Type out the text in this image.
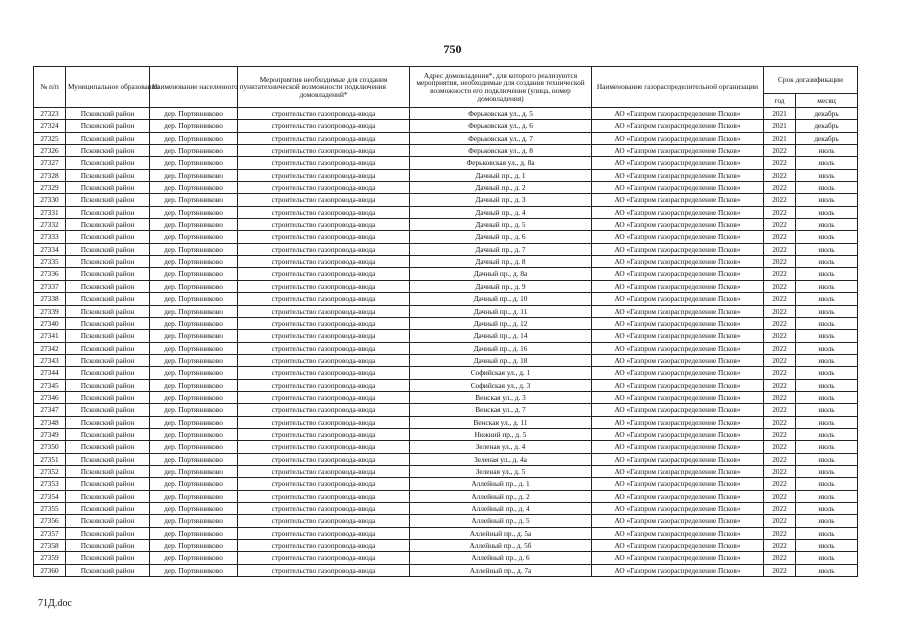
750
№ п/п	Муниципальное образование	Наименование населенного пункта	Мероприятия необходимые для создания технической возможности подключения домовладений*	Адрес домовладения*, для которого реализуются мероприятия, необходимые для создания технической возможности его подключения (улица, номер домовладения)	Наименование газораспределительной организации	Срок догазификации	
						год	месяц
27323	Псковский район	дер. Портянниково	строительство газопровода-ввода	Ферьковская ул., д. 5	АО «Газпром газораспределение Псков»	2021	декабрь
27324	Псковский район	дер. Портянниково	строительство газопровода-ввода	Ферьковская ул., д. 6	АО «Газпром газораспределение Псков»	2021	декабрь
27325	Псковский район	дер. Портянниково	строительство газопровода-ввода	Ферьковская ул., д. 7	АО «Газпром газораспределение Псков»	2021	декабрь
27326	Псковский район	дер. Портянниково	строительство газопровода-ввода	Ферьковская ул., д. 8	АО «Газпром газораспределение Псков»	2022	июль
27327	Псковский район	дер. Портянниково	строительство газопровода-ввода	Ферьковская ул., д. 8а	АО «Газпром газораспределение Псков»	2022	июль
27328	Псковский район	дер. Портянниково	строительство газопровода-ввода	Дачный пр., д. 1	АО «Газпром газораспределение Псков»	2022	июль
27329	Псковский район	дер. Портянниково	строительство газопровода-ввода	Дачный пр., д. 2	АО «Газпром газораспределение Псков»	2022	июль
27330	Псковский район	дер. Портянниково	строительство газопровода-ввода	Дачный пр., д. 3	АО «Газпром газораспределение Псков»	2022	июль
27331	Псковский район	дер. Портянниково	строительство газопровода-ввода	Дачный пр., д. 4	АО «Газпром газораспределение Псков»	2022	июль
27332	Псковский район	дер. Портянниково	строительство газопровода-ввода	Дачный пр., д. 5	АО «Газпром газораспределение Псков»	2022	июль
27333	Псковский район	дер. Портянниково	строительство газопровода-ввода	Дачный пр., д. 6	АО «Газпром газораспределение Псков»	2022	июль
27334	Псковский район	дер. Портянниково	строительство газопровода-ввода	Дачный пр., д. 7	АО «Газпром газораспределение Псков»	2022	июль
27335	Псковский район	дер. Портянниково	строительство газопровода-ввода	Дачный пр., д. 8	АО «Газпром газораспределение Псков»	2022	июль
27336	Псковский район	дер. Портянниково	строительство газопровода-ввода	Дачный пр., д. 8а	АО «Газпром газораспределение Псков»	2022	июль
27337	Псковский район	дер. Портянниково	строительство газопровода-ввода	Дачный пр., д. 9	АО «Газпром газораспределение Псков»	2022	июль
27338	Псковский район	дер. Портянниково	строительство газопровода-ввода	Дачный пр., д. 10	АО «Газпром газораспределение Псков»	2022	июль
27339	Псковский район	дер. Портянниково	строительство газопровода-ввода	Дачный пр., д. 11	АО «Газпром газораспределение Псков»	2022	июль
27340	Псковский район	дер. Портянниково	строительство газопровода-ввода	Дачный пр., д. 12	АО «Газпром газораспределение Псков»	2022	июль
27341	Псковский район	дер. Портянниково	строительство газопровода-ввода	Дачный пр., д. 14	АО «Газпром газораспределение Псков»	2022	июль
27342	Псковский район	дер. Портянниково	строительство газопровода-ввода	Дачный пр., д. 16	АО «Газпром газораспределение Псков»	2022	июль
27343	Псковский район	дер. Портянниково	строительство газопровода-ввода	Дачный пр., д. 18	АО «Газпром газораспределение Псков»	2022	июль
27344	Псковский район	дер. Портянниково	строительство газопровода-ввода	Софийская ул., д. 1	АО «Газпром газораспределение Псков»	2022	июль
27345	Псковский район	дер. Портянниково	строительство газопровода-ввода	Софийская ул., д. 3	АО «Газпром газораспределение Псков»	2022	июль
27346	Псковский район	дер. Портянниково	строительство газопровода-ввода	Венская ул., д. 3	АО «Газпром газораспределение Псков»	2022	июль
27347	Псковский район	дер. Портянниково	строительство газопровода-ввода	Венская ул., д. 7	АО «Газпром газораспределение Псков»	2022	июль
27348	Псковский район	дер. Портянниково	строительство газопровода-ввода	Венская ул., д. 11	АО «Газпром газораспределение Псков»	2022	июль
27349	Псковский район	дер. Портянниково	строительство газопровода-ввода	Нижний пр., д. 5	АО «Газпром газораспределение Псков»	2022	июль
27350	Псковский район	дер. Портянниково	строительство газопровода-ввода	Зеленая ул., д. 4	АО «Газпром газораспределение Псков»	2022	июль
27351	Псковский район	дер. Портянниково	строительство газопровода-ввода	Зеленая ул., д. 4а	АО «Газпром газораспределение Псков»	2022	июль
27352	Псковский район	дер. Портянниково	строительство газопровода-ввода	Зеленая ул., д. 5	АО «Газпром газораспределение Псков»	2022	июль
27353	Псковский район	дер. Портянниково	строительство газопровода-ввода	Аллейный пр., д. 1	АО «Газпром газораспределение Псков»	2022	июль
27354	Псковский район	дер. Портянниково	строительство газопровода-ввода	Аллейный пр., д. 2	АО «Газпром газораспределение Псков»	2022	июль
27355	Псковский район	дер. Портянниково	строительство газопровода-ввода	Аллейный пр., д. 4	АО «Газпром газораспределение Псков»	2022	июль
27356	Псковский район	дер. Портянниково	строительство газопровода-ввода	Аллейный пр., д. 5	АО «Газпром газораспределение Псков»	2022	июль
27357	Псковский район	дер. Портянниково	строительство газопровода-ввода	Аллейный пр., д. 5а	АО «Газпром газораспределение Псков»	2022	июль
27358	Псковский район	дер. Портянниково	строительство газопровода-ввода	Аллейный пр., д. 5б	АО «Газпром газораспределение Псков»	2022	июль
27359	Псковский район	дер. Портянниково	строительство газопровода-ввода	Аллейный пр., д. 6	АО «Газпром газораспределение Псков»	2022	июль
27360	Псковский район	дер. Портянниково	строительство газопровода-ввода	Аллейный пр., д. 7а	АО «Газпром газораспределение Псков»	2022	июль
71Д.doc
